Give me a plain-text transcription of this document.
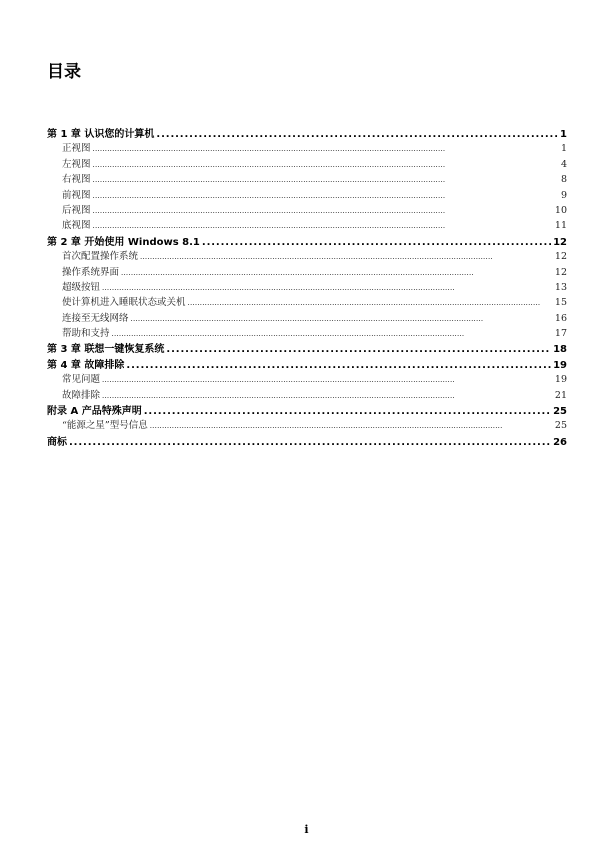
目录
第 1 章 认识您的计算机 . . .	1
正视图 . . .	1
左视图 . . .	4
右视图 . . .	8
前视图 . . .	9
后视图 . . .	10
底视图 . . .	11
第 2 章 开始使用 Windows 8.1 . . .	12
首次配置操作系统 . . .	12
操作系统界面 . . .	12
超级按钮 . . .	13
使计算机进入睡眠状态或关机 . . .	15
连接至无线网络 . . .	16
帮助和支持 . . .	17
第 3 章 联想一键恢复系统 . . .	18
第 4 章 故障排除 . . .	19
常见问题 . . .	19
故障排除 . . .	21
附录 A 产品特殊声明 . . .	25
“能源之星”型号信息 . . .	25
商标 . . .	26
i
